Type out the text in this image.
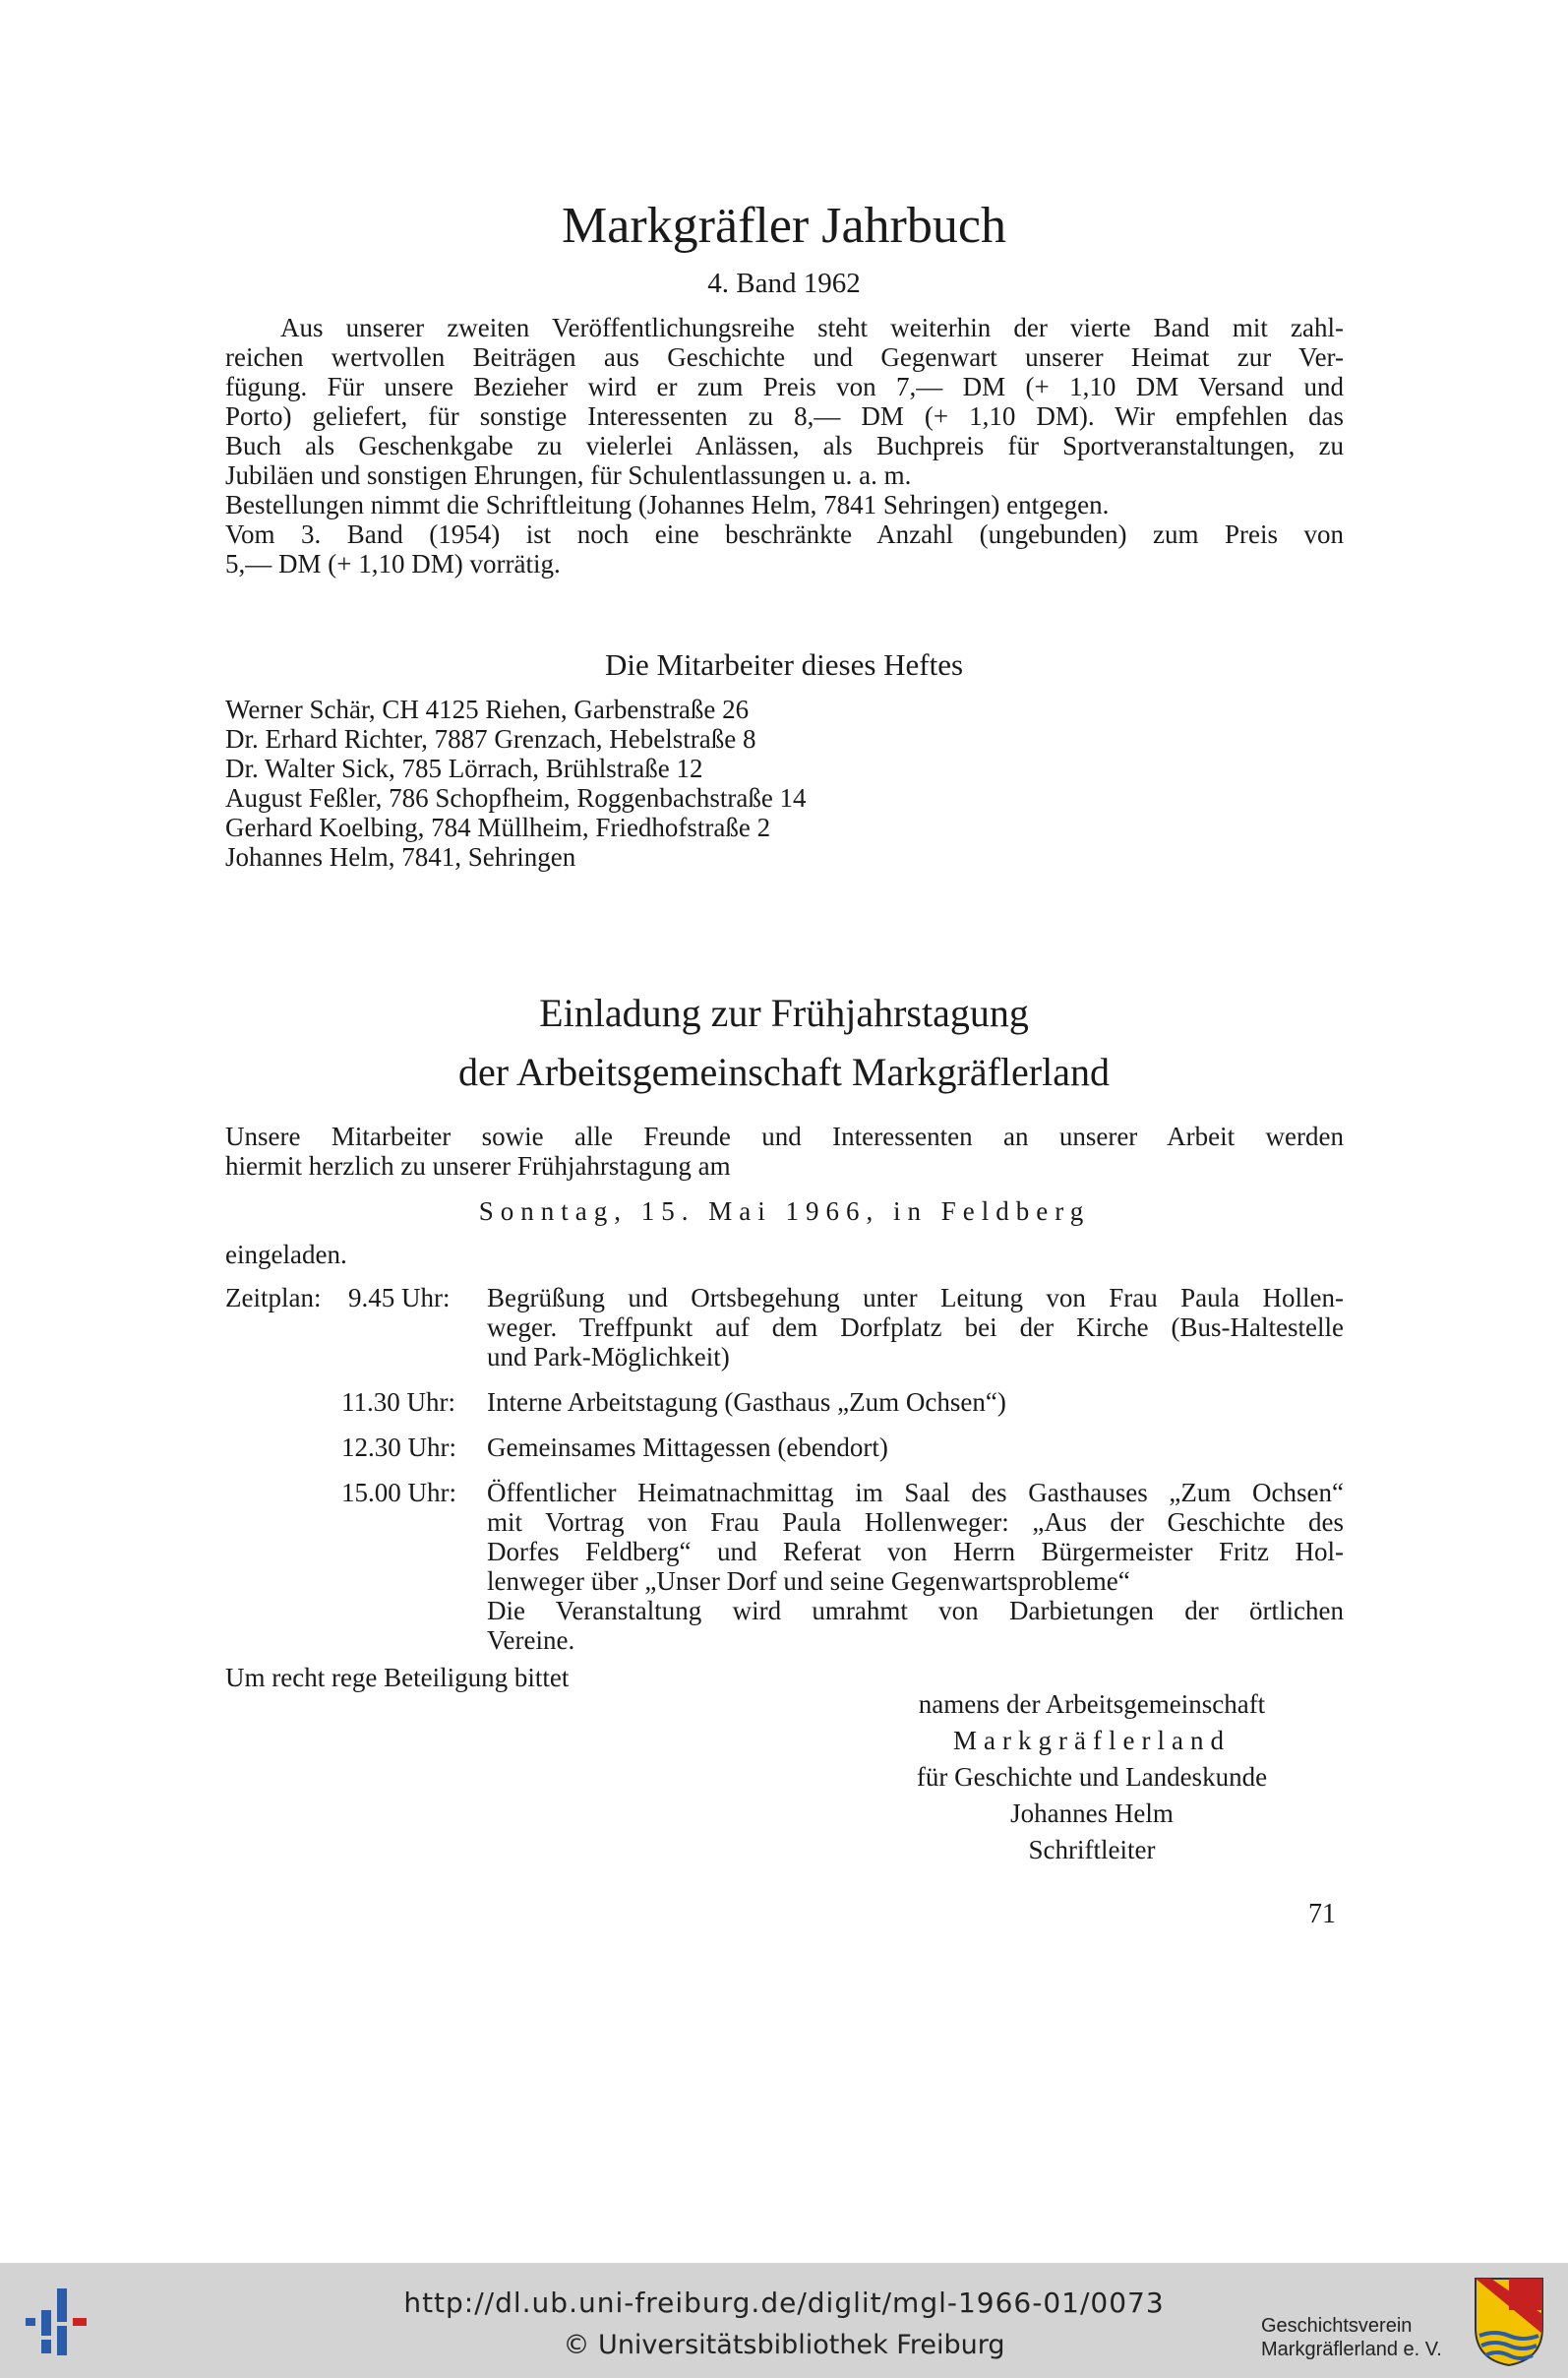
Markgräfler Jahrbuch
4. Band 1962

Aus unserer zweiten Veröffentlichungsreihe steht weiterhin der vierte Band mit zahl-

reichen wertvollen Beiträgen aus Geschichte und Gegenwart unserer Heimat zur Ver-

fügung. Für unsere Bezieher wird er zum Preis von 7,— DM (+ 1,10 DM Versand und

Porto) geliefert, für sonstige Interessenten zu 8,— DM (+ 1,10 DM). Wir empfehlen das

Buch als Geschenkgabe zu vielerlei Anlässen, als Buchpreis für Sportveranstaltungen, zu

Jubiläen und sonstigen Ehrungen, für Schulentlassungen u. a. m.

Bestellungen nimmt die Schriftleitung (Johannes Helm, 7841 Sehringen) entgegen.

Vom 3. Band (1954) ist noch eine beschränkte Anzahl (ungebunden) zum Preis von

5,— DM (+ 1,10 DM) vorrätig.

Die Mitarbeiter dieses Heftes
Werner Schär, CH 4125 Riehen, Garbenstraße 26
Dr. Erhard Richter, 7887 Grenzach, Hebelstraße 8
Dr. Walter Sick, 785 Lörrach, Brühlstraße 12
August Feßler, 786 Schopfheim, Roggenbachstraße 14
Gerhard Koelbing, 784 Müllheim, Friedhofstraße 2
Johannes Helm, 7841, Sehringen
Einladung zur Frühjahrstagung
der Arbeitsgemeinschaft Markgräflerland

Unsere Mitarbeiter sowie alle Freunde und Interessenten an unserer Arbeit werden

hiermit herzlich zu unserer Frühjahrstagung am

Sonntag, 15. Mai 1966, in Feldberg
eingeladen.
Zeitplan: 9.45 Uhr: Begrüßung und Ortsbegehung unter Leitung von Frau Paula Hollen-
weger. Treffpunkt auf dem Dorfplatz bei der Kirche (Bus-Haltestelle
und Park-Möglichkeit)
11.30 Uhr: Interne Arbeitstagung (Gasthaus „Zum Ochsen“)
12.30 Uhr: Gemeinsames Mittagessen (ebendort)
15.00 Uhr: Öffentlicher Heimatnachmittag im Saal des Gasthauses „Zum Ochsen“
mit Vortrag von Frau Paula Hollenweger: „Aus der Geschichte des
Dorfes Feldberg“ und Referat von Herrn Bürgermeister Fritz Hol-
lenweger über „Unser Dorf und seine Gegenwartsprobleme“
Die Veranstaltung wird umrahmt von Darbietungen der örtlichen
Vereine.
Um recht rege Beteiligung bittet
namens der Arbeitsgemeinschaft
Markgräflerland
für Geschichte und Landeskunde
Johannes Helm
Schriftleiter
71
http://dl.ub.uni-freiburg.de/diglit/mgl-1966-01/0073
© Universitätsbibliothek Freiburg
Geschichtsverein
Markgräflerland e. V.
